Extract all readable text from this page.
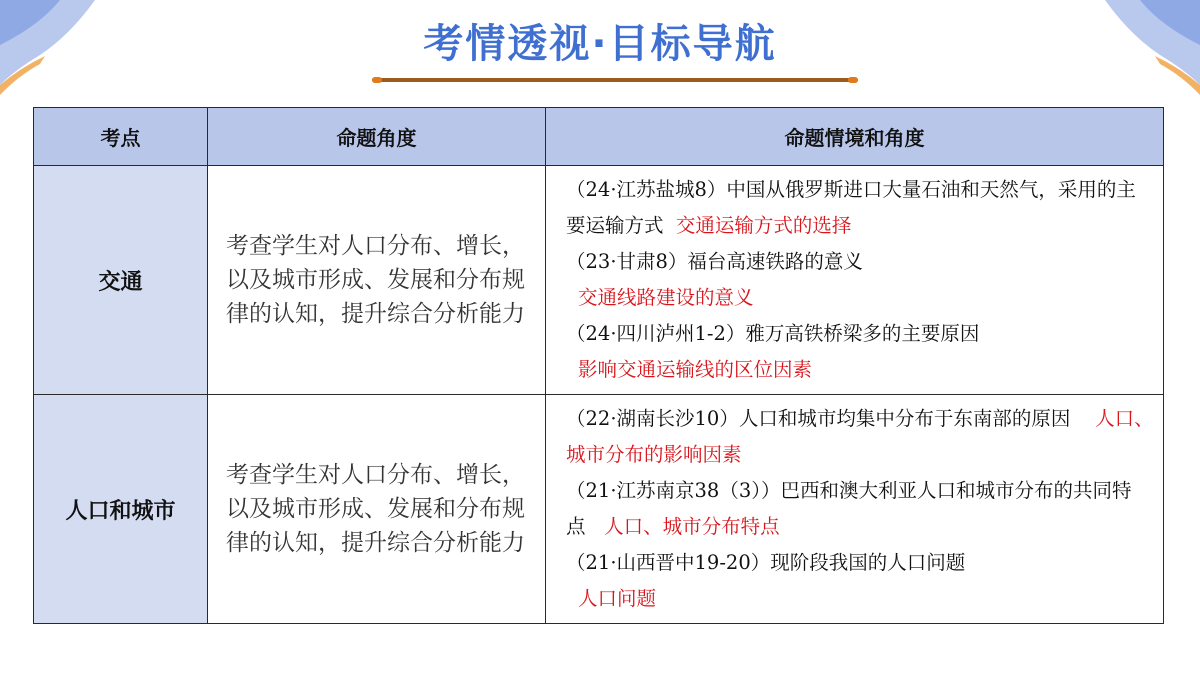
考情透视·目标导航
考点	命题角度	命题情境和角度
交通	考查学生对人口分布、增长，以及城市形成、发展和分布规律的认知，提升综合分析能力	（24·江苏盐城8）中国从俄罗斯进口大量石油和天然气，采用的主要运输方式 交通运输方式的选择
（23·甘肃8）福台高速铁路的意义
交通线路建设的意义
（24·四川泸州1-2）雅万高铁桥梁多的主要原因
影响交通运输线的区位因素

人口和城市	考查学生对人口分布、增长，以及城市形成、发展和分布规律的认知，提升综合分析能力	（22·湖南长沙10）人口和城市均集中分布于东南部的原因 人口、城市分布的影响因素
（21·江苏南京38（3））巴西和澳大利亚人口和城市分布的共同特点 人口、城市分布特点
（21·山西晋中19-20）现阶段我国的人口问题
人口问题
